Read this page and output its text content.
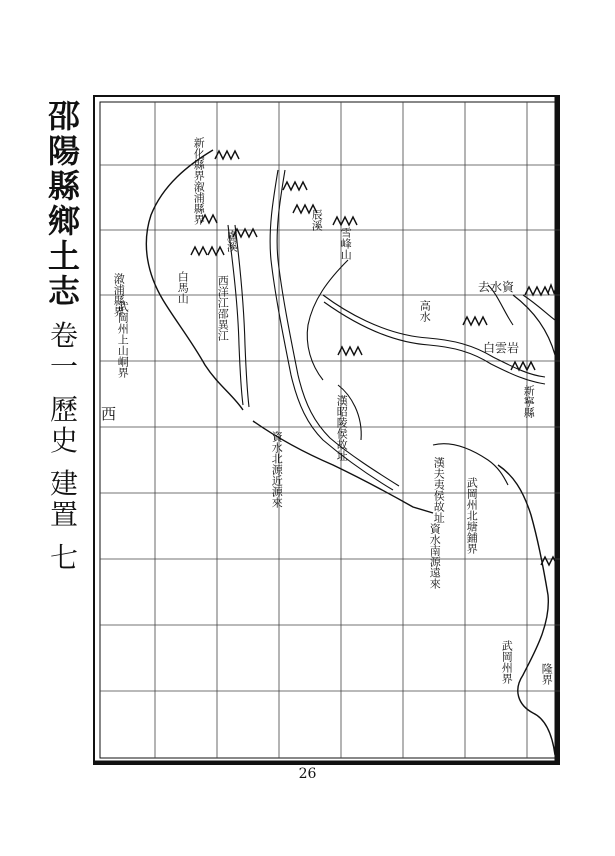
邵
陽
縣
鄉
土
志
卷
一
歷
史
建
置
七
新化縣界溆浦縣界	辰溪
雪峰山
盧溪
白馬山 西洋江邵異江
漵浦縣界
武岡州上山峒界
資水北源近源來
漢昭陵侯故址
高水
去水資
白雲岩
漢夫夷侯故址
資水南源遠來
武岡州北塘鋪界
新寧縣
武岡州界 隆界
西
26
